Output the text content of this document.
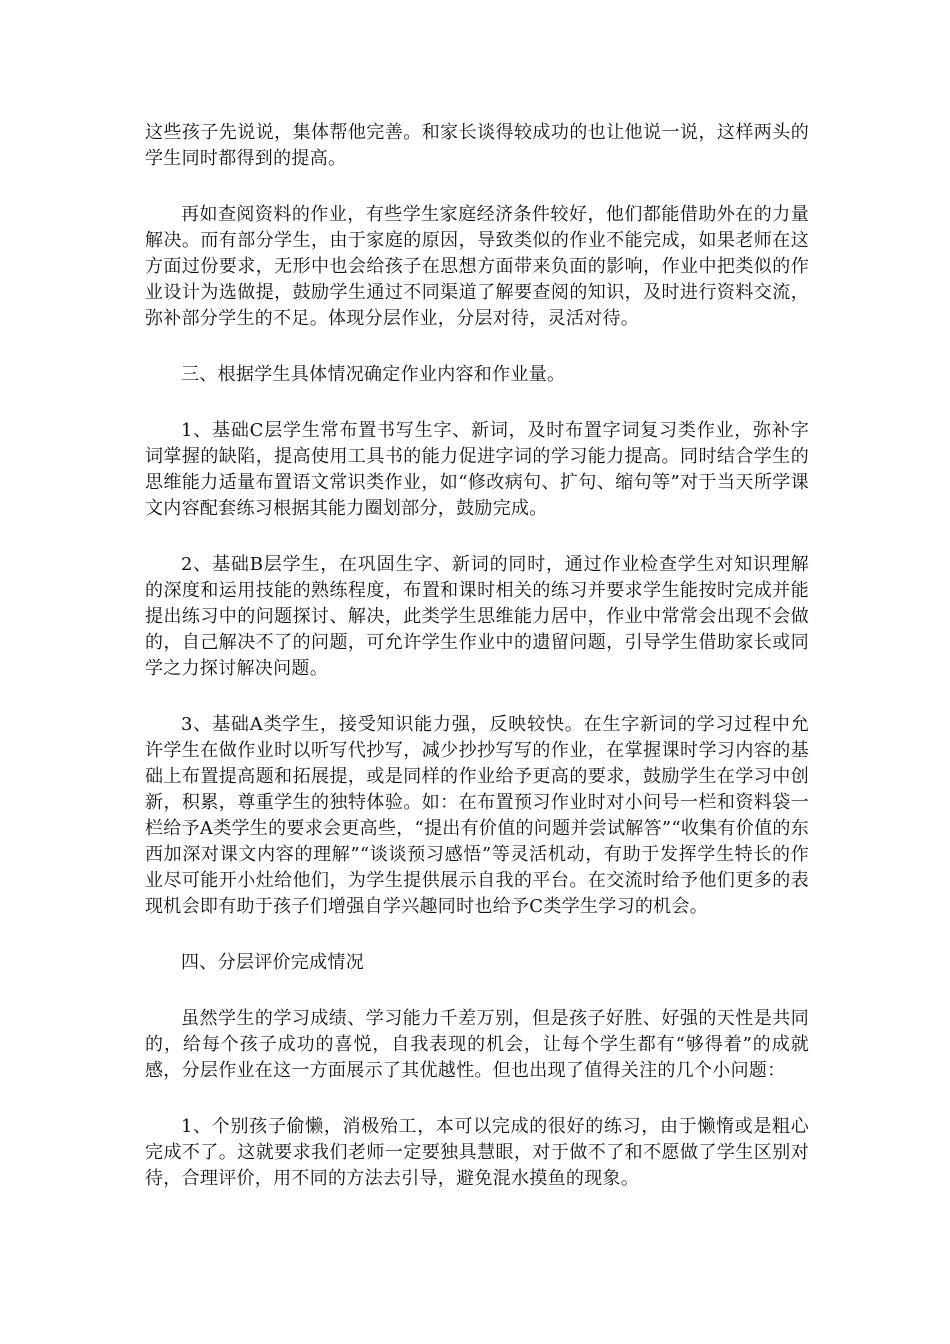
这些孩子先说说，集体帮他完善。和家长谈得较成功的也让他说一说，这样两头的学生同时都得到的提高。

再如查阅资料的作业，有些学生家庭经济条件较好，他们都能借助外在的力量解决。而有部分学生，由于家庭的原因，导致类似的作业不能完成，如果老师在这方面过份要求，无形中也会给孩子在思想方面带来负面的影响，作业中把类似的作业设计为选做提，鼓励学生通过不同渠道了解要查阅的知识，及时进行资料交流，弥补部分学生的不足。体现分层作业，分层对待，灵活对待。

三、根据学生具体情况确定作业内容和作业量。

1、基础C层学生常布置书写生字、新词，及时布置字词复习类作业，弥补字词掌握的缺陷，提高使用工具书的能力促进字词的学习能力提高。同时结合学生的思维能力适量布置语文常识类作业，如“修改病句、扩句、缩句等”对于当天所学课文内容配套练习根据其能力圈划部分，鼓励完成。

2、基础B层学生，在巩固生字、新词的同时，通过作业检查学生对知识理解的深度和运用技能的熟练程度，布置和课时相关的练习并要求学生能按时完成并能提出练习中的问题探讨、解决，此类学生思维能力居中，作业中常常会出现不会做的，自己解决不了的问题，可允许学生作业中的遗留问题，引导学生借助家长或同学之力探讨解决问题。

3、基础A类学生，接受知识能力强，反映较快。在生字新词的学习过程中允许学生在做作业时以听写代抄写，减少抄抄写写的作业，在掌握课时学习内容的基础上布置提高题和拓展提，或是同样的作业给予更高的要求，鼓励学生在学习中创新，积累，尊重学生的独特体验。如：在布置预习作业时对小问号一栏和资料袋一栏给予A类学生的要求会更高些，“提出有价值的问题并尝试解答”“收集有价值的东西加深对课文内容的理解”“谈谈预习感悟”等灵活机动，有助于发挥学生特长的作业尽可能开小灶给他们，为学生提供展示自我的平台。在交流时给予他们更多的表现机会即有助于孩子们增强自学兴趣同时也给予C类学生学习的机会。

四、分层评价完成情况

虽然学生的学习成绩、学习能力千差万别，但是孩子好胜、好强的天性是共同的，给每个孩子成功的喜悦，自我表现的机会，让每个学生都有“够得着”的成就感，分层作业在这一方面展示了其优越性。但也出现了值得关注的几个小问题：

1、个别孩子偷懒，消极殆工，本可以完成的很好的练习，由于懒惰或是粗心完成不了。这就要求我们老师一定要独具慧眼，对于做不了和不愿做了学生区别对待，合理评价，用不同的方法去引导，避免混水摸鱼的现象。
